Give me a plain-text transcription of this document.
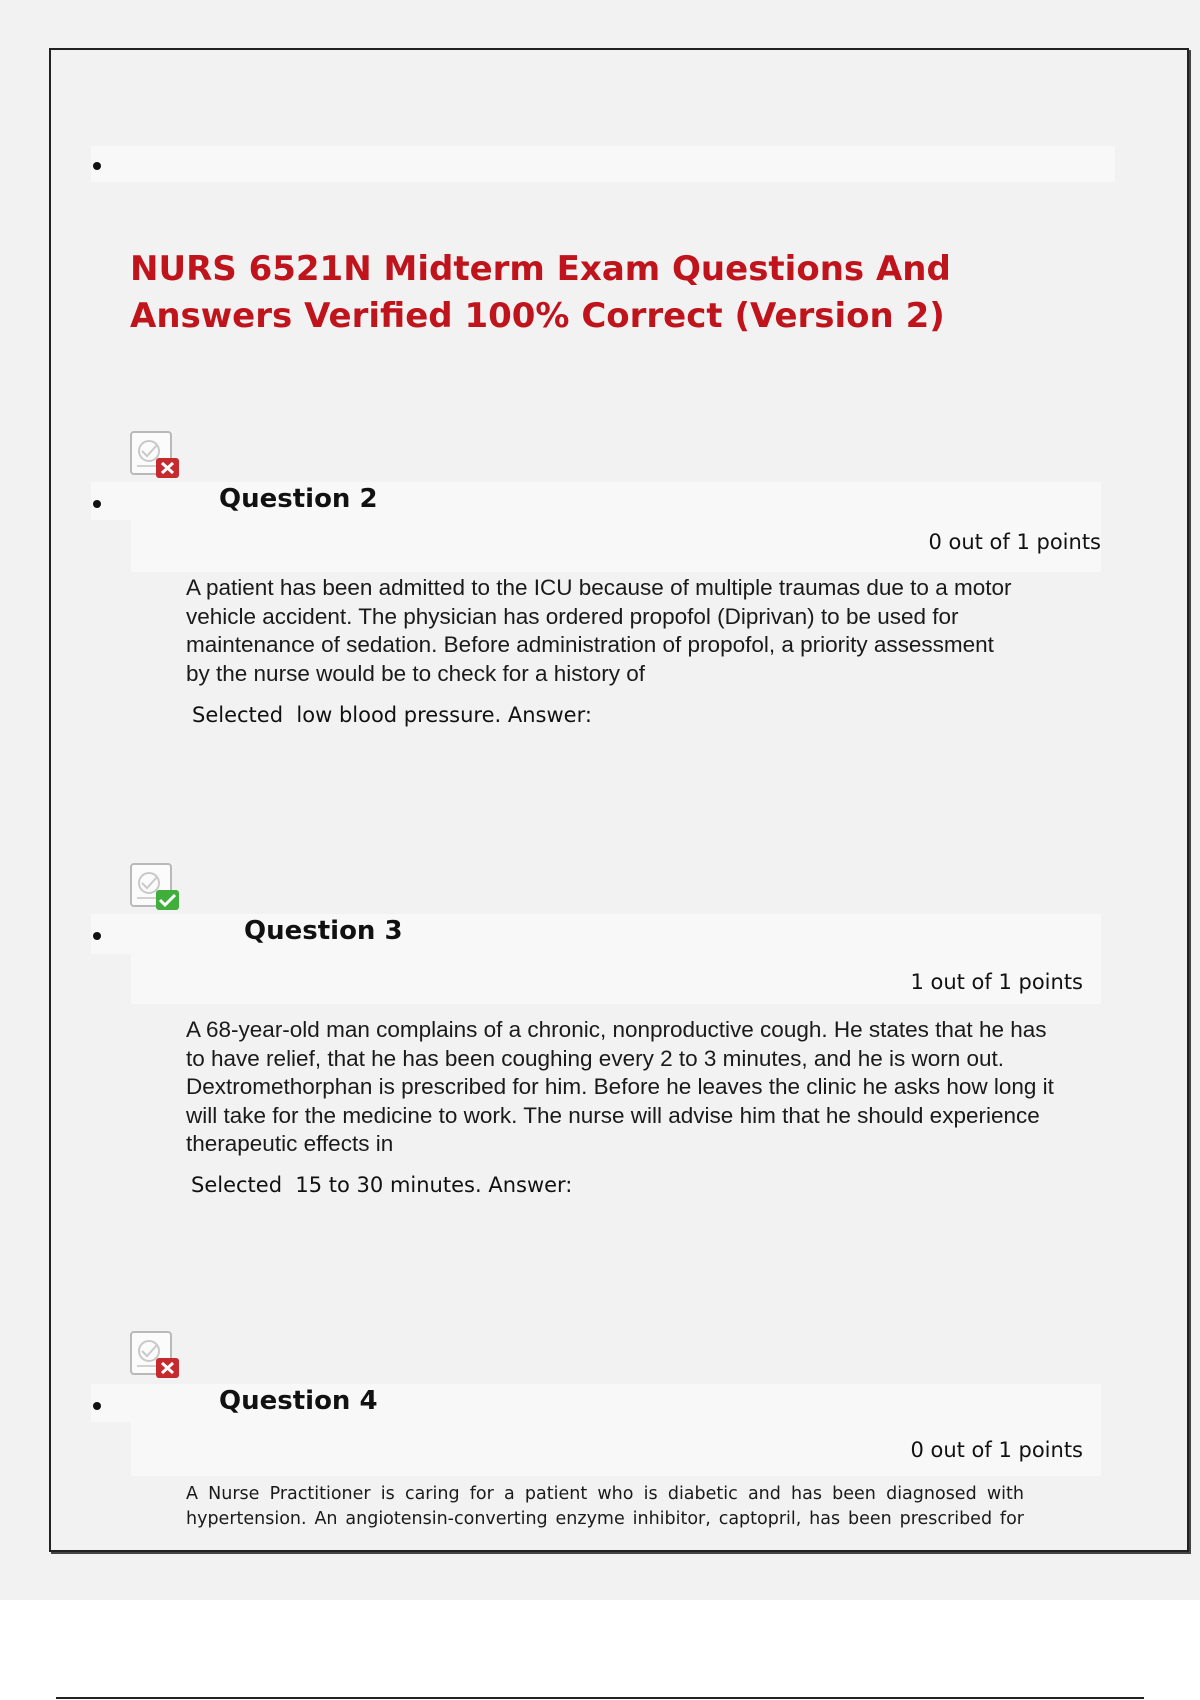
NURS 6521N Midterm Exam Questions And Answers Verified 100% Correct (Version 2)
Question 2
0 out of 1 points

A patient has been admitted to the ICU because of multiple traumas due to a motor vehicle accident. The physician has ordered propofol (Diprivan) to be used for maintenance of sedation. Before administration of propofol, a priority assessment by the nurse would be to check for a history of

Selected low blood pressure. Answer:
Question 3
1 out of 1 points

A 68-year-old man complains of a chronic, nonproductive cough. He states that he has to have relief, that he has been coughing every 2 to 3 minutes, and he is worn out. Dextromethorphan is prescribed for him. Before he leaves the clinic he asks how long it will take for the medicine to work. The nurse will advise him that he should experience therapeutic effects in

Selected 15 to 30 minutes. Answer:
Question 4
0 out of 1 points

A Nurse Practitioner is caring for a patient who is diabetic and has been diagnosed with hypertension. An angiotensin-converting enzyme inhibitor, captopril, has been prescribed for
